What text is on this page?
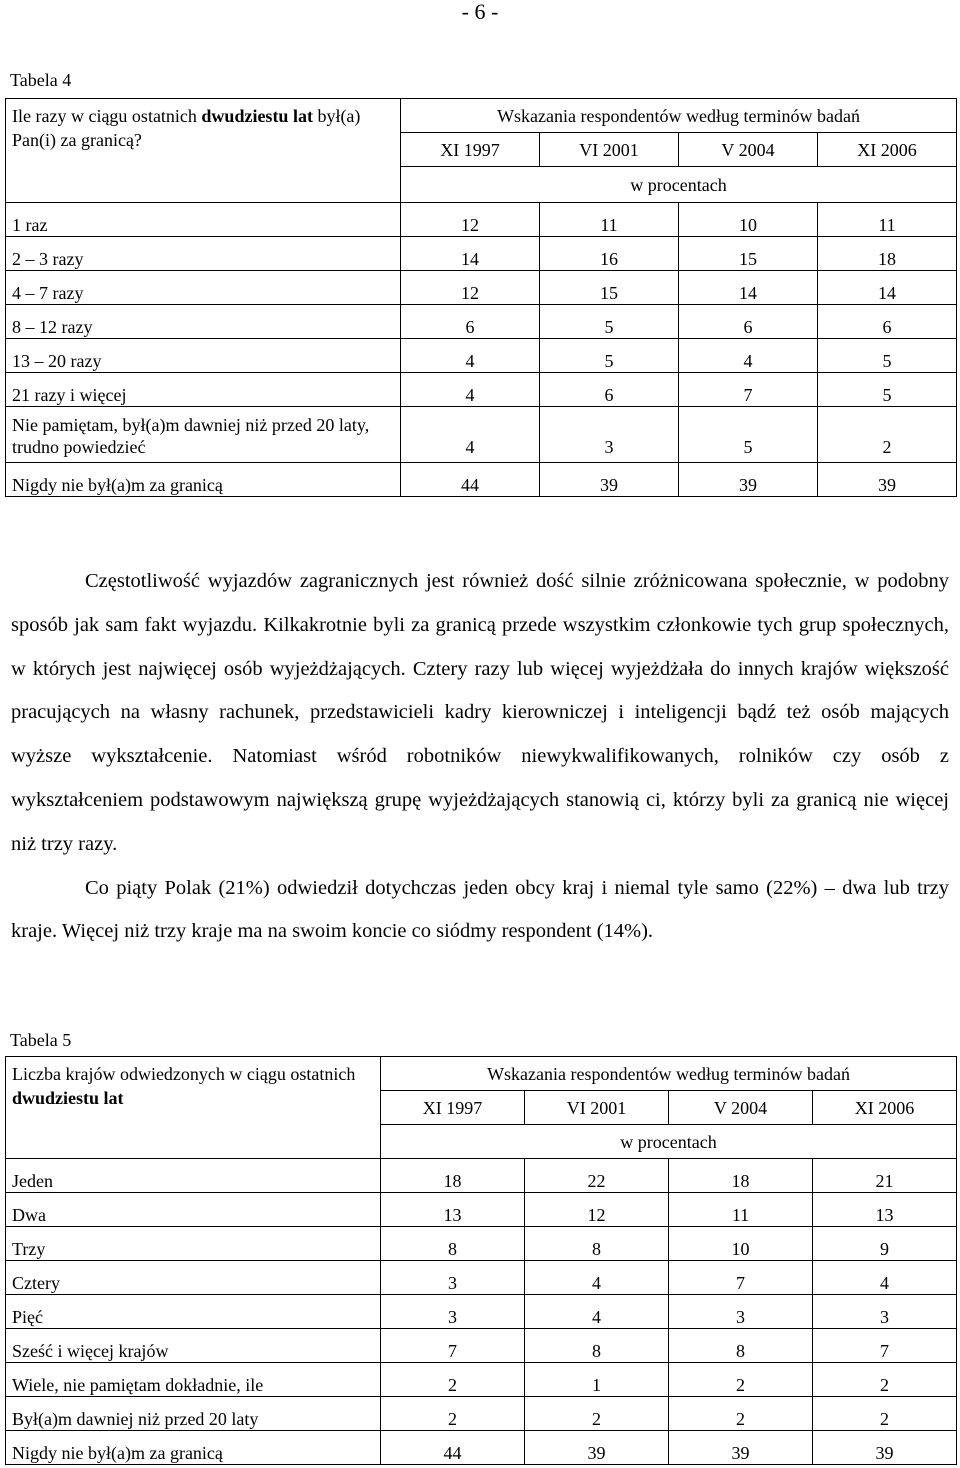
- 6 -
Tabela 4
Ile razy w ciągu ostatnich dwudziestu lat był(a) Pan(i) za granicą?	Wskazania respondentów według terminów badań			
	XI 1997	VI 2001	V 2004	XI 2006
	w procentach			
1 raz	12	11	10	11
2 – 3 razy	14	16	15	18
4 – 7 razy	12	15	14	14
8 – 12 razy	6	5	6	6
13 – 20 razy	4	5	4	5
21 razy i więcej	4	6	7	5
Nie pamiętam, był(a)m dawniej niż przed 20 laty, trudno powiedzieć	4	3	5	2
Nigdy nie był(a)m za granicą	44	39	39	39

Częstotliwość wyjazdów zagranicznych jest również dość silnie zróżnicowana społecznie, w podobny sposób jak sam fakt wyjazdu. Kilkakrotnie byli za granicą przede wszystkim członkowie tych grup społecznych, w których jest najwięcej osób wyjeżdżających. Cztery razy lub więcej wyjeżdżała do innych krajów większość pracujących na własny rachunek, przedstawicieli kadry kierowniczej i inteligencji bądź też osób mających wyższe wykształcenie. Natomiast wśród robotników niewykwalifikowanych, rolników czy osób z wykształceniem podstawowym największą grupę wyjeżdżających stanowią ci, którzy byli za granicą nie więcej niż trzy razy.

Co piąty Polak (21%) odwiedził dotychczas jeden obcy kraj i niemal tyle samo (22%) – dwa lub trzy kraje. Więcej niż trzy kraje ma na swoim koncie co siódmy respondent (14%).

Tabela 5
Liczba krajów odwiedzonych w ciągu ostatnich dwudziestu lat	Wskazania respondentów według terminów badań			
	XI 1997	VI 2001	V 2004	XI 2006
	w procentach			
Jeden	18	22	18	21
Dwa	13	12	11	13
Trzy	8	8	10	9
Cztery	3	4	7	4
Pięć	3	4	3	3
Sześć i więcej krajów	7	8	8	7
Wiele, nie pamiętam dokładnie, ile	2	1	2	2
Był(a)m dawniej niż przed 20 laty	2	2	2	2
Nigdy nie był(a)m za granicą	44	39	39	39
